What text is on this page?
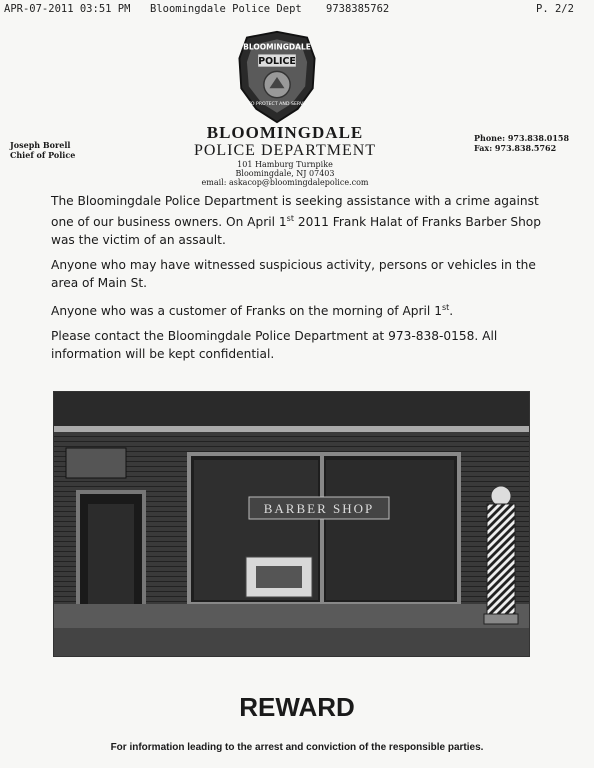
APR-07-2011 03:51 PM Bloomingdale Police Dept 9738385762	P. 2/2
BLOOMINGDALE
POLICE
TO PROTECT AND SERVE
Joseph Borell
Chief of Police
BLOOMINGDALE
POLICE DEPARTMENT
101 Hamburg Turnpike
Bloomingdale, NJ 07403
email: askacop@bloomingdalepolice.com
Phone: 973.838.0158
Fax: 973.838.5762

The Bloomingdale Police Department is seeking assistance with a crime against one of our business owners. On April 1st 2011 Frank Halat of Franks Barber Shop was the victim of an assault.

Anyone who may have witnessed suspicious activity, persons or vehicles in the area of Main St.

Anyone who was a customer of Franks on the morning of April 1st.

Please contact the Bloomingdale Police Department at 973-838-0158. All information will be kept confidential.

BARBER SHOP
REWARD
For information leading to the arrest and conviction of the responsible parties.
